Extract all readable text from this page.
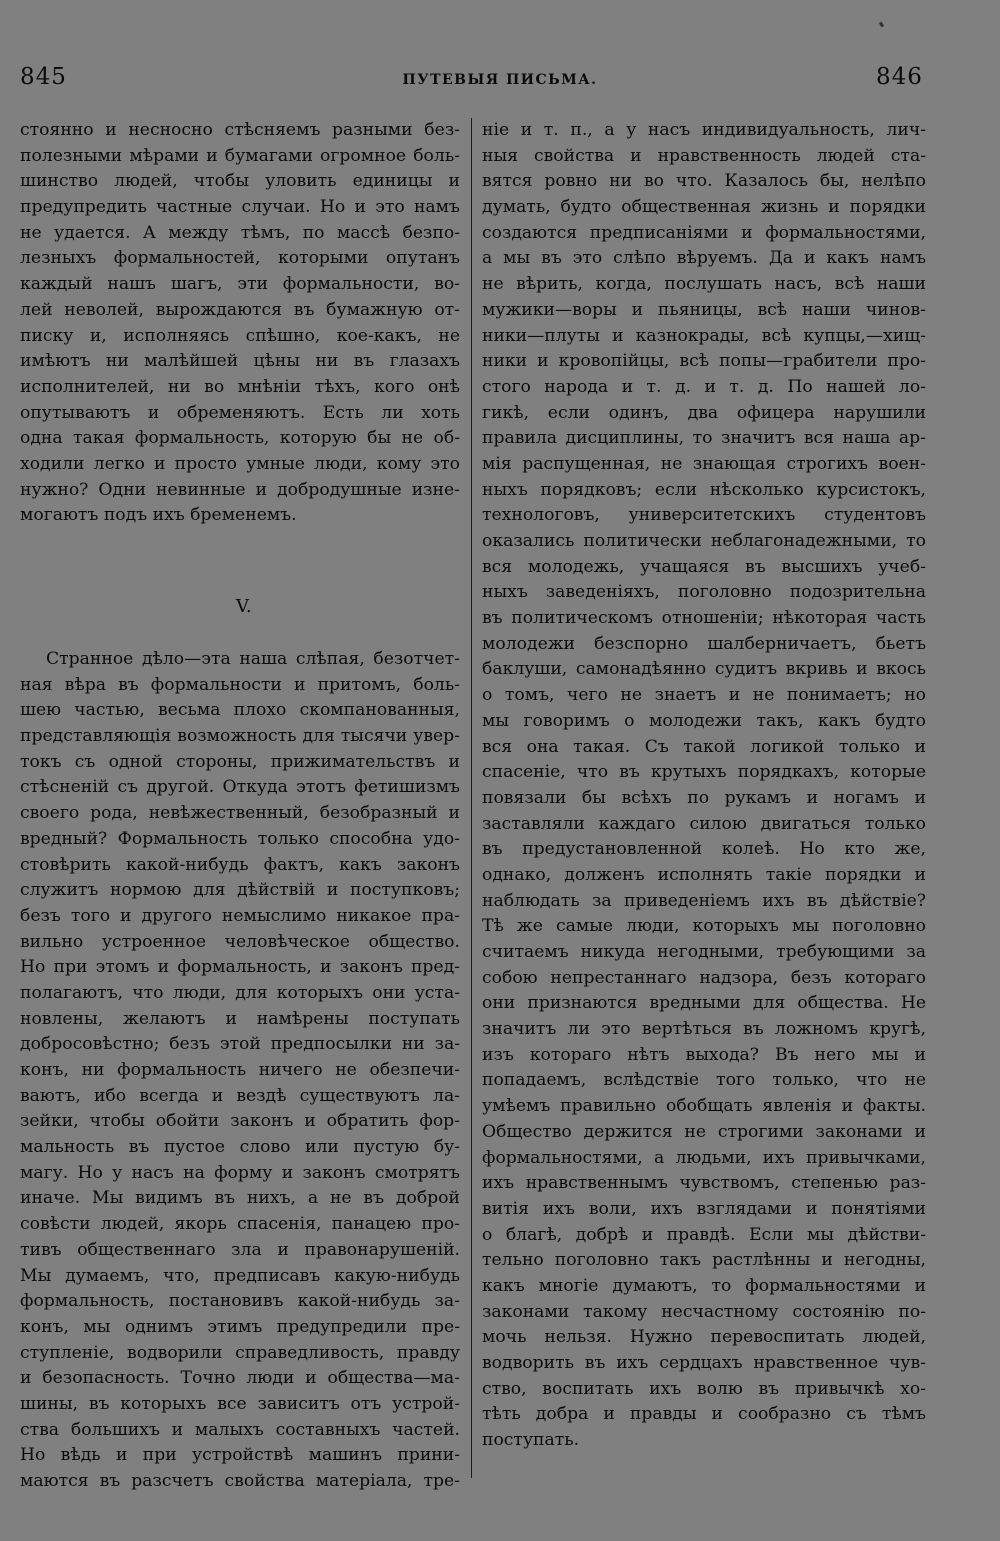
845	ПУТЕВЫЯ ПИСЬМА.	846
стоянно и несносно стѣсняемъ разными без-
полезными мѣрами и бумагами огромное боль-
шинство людей, чтобы уловить единицы и
предупредить частные случаи. Но и это намъ
не удается. А между тѣмъ, по массѣ безпо-
лезныхъ формальностей, которыми опутанъ
каждый нашъ шагъ, эти формальности, во-
лей неволей, вырождаются въ бумажную от-
писку и, исполняясь спѣшно, кое-какъ, не
имѣютъ ни малѣйшей цѣны ни въ глазахъ
исполнителей, ни во мнѣніи тѣхъ, кого онѣ
опутываютъ и обременяютъ. Есть ли хоть
одна такая формальность, которую бы не об-
ходили легко и просто умные люди, кому это
нужно? Одни невинные и добродушные изне-
могаютъ подъ ихъ бременемъ.
V.
Странное дѣло—эта наша слѣпая, безотчет-
ная вѣра въ формальности и притомъ, боль-
шею частью, весьма плохо скомпанованныя,
представляющія возможность для тысячи увер-
токъ съ одной стороны, прижимательствъ и
стѣсненій съ другой. Откуда этотъ фетишизмъ
своего рода, невѣжественный, безобразный и
вредный? Формальность только способна удо-
стовѣрить какой-нибудь фактъ, какъ законъ
служитъ нормою для дѣйствій и поступковъ;
безъ того и другого немыслимо никакое пра-
вильно устроенное человѣческое общество.
Но при этомъ и формальность, и законъ пред-
полагаютъ, что люди, для которыхъ они уста-
новлены, желаютъ и намѣрены поступать
добросовѣстно; безъ этой предпосылки ни за-
конъ, ни формальность ничего не обезпечи-
ваютъ, ибо всегда и вездѣ существуютъ ла-
зейки, чтобы обойти законъ и обратить фор-
мальность въ пустое слово или пустую бу-
магу. Но у насъ на форму и законъ смотрятъ
иначе. Мы видимъ въ нихъ, а не въ доброй
совѣсти людей, якорь спасенія, панацею про-
тивъ общественнаго зла и правонарушеній.
Мы думаемъ, что, предписавъ какую-нибудь
формальность, постановивъ какой-нибудь за-
конъ, мы однимъ этимъ предупредили пре-
ступленіе, водворили справедливость, правду
и безопасность. Точно люди и общества—ма-
шины, въ которыхъ все зависитъ отъ устрой-
ства большихъ и малыхъ составныхъ частей.
Но вѣдь и при устройствѣ машинъ прини-
маются въ разсчетъ свойства матеріала, тре-
ніе и т. п., а у насъ индивидуальность, лич-
ныя свойства и нравственность людей ста-
вятся ровно ни во что. Казалось бы, нелѣпо
думать, будто общественная жизнь и порядки
создаются предписаніями и формальностями,
а мы въ это слѣпо вѣруемъ. Да и какъ намъ
не вѣрить, когда, послушать насъ, всѣ наши
мужики—воры и пьяницы, всѣ наши чинов-
ники—плуты и казнокрады, всѣ купцы,—хищ-
ники и кровопійцы, всѣ попы—грабители про-
стого народа и т. д. и т. д. По нашей ло-
гикѣ, если одинъ, два офицера нарушили
правила дисциплины, то значитъ вся наша ар-
мія распущенная, не знающая строгихъ воен-
ныхъ порядковъ; если нѣсколько курсистокъ,
технологовъ, университетскихъ студентовъ
оказались политически неблагонадежными, то
вся молодежь, учащаяся въ высшихъ учеб-
ныхъ заведеніяхъ, поголовно подозрительна
въ политическомъ отношеніи; нѣкоторая часть
молодежи безспорно шалберничаетъ, бьетъ
баклуши, самонадѣянно судитъ вкривь и вкось
о томъ, чего не знаетъ и не понимаетъ; но
мы говоримъ о молодежи такъ, какъ будто
вся она такая. Съ такой логикой только и
спасеніе, что въ крутыхъ порядкахъ, которые
повязали бы всѣхъ по рукамъ и ногамъ и
заставляли каждаго силою двигаться только
въ предустановленной колеѣ. Но кто же,
однако, долженъ исполнять такіе порядки и
наблюдать за приведеніемъ ихъ въ дѣйствіе?
Тѣ же самые люди, которыхъ мы поголовно
считаемъ никуда негодными, требующими за
собою непрестаннаго надзора, безъ котораго
они признаются вредными для общества. Не
значитъ ли это вертѣться въ ложномъ кругѣ,
изъ котораго нѣтъ выхода? Въ него мы и
попадаемъ, вслѣдствіе того только, что не
умѣемъ правильно обобщать явленія и факты.
Общество держится не строгими законами и
формальностями, а людьми, ихъ привычками,
ихъ нравственнымъ чувствомъ, степенью раз-
витія ихъ воли, ихъ взглядами и понятіями
о благѣ, добрѣ и правдѣ. Если мы дѣйстви-
тельно поголовно такъ растлѣнны и негодны,
какъ многіе думаютъ, то формальностями и
законами такому несчастному состоянію по-
мочь нельзя. Нужно перевоспитать людей,
водворить въ ихъ сердцахъ нравственное чув-
ство, воспитать ихъ волю въ привычкѣ хо-
тѣть добра и правды и сообразно съ тѣмъ
поступать.
